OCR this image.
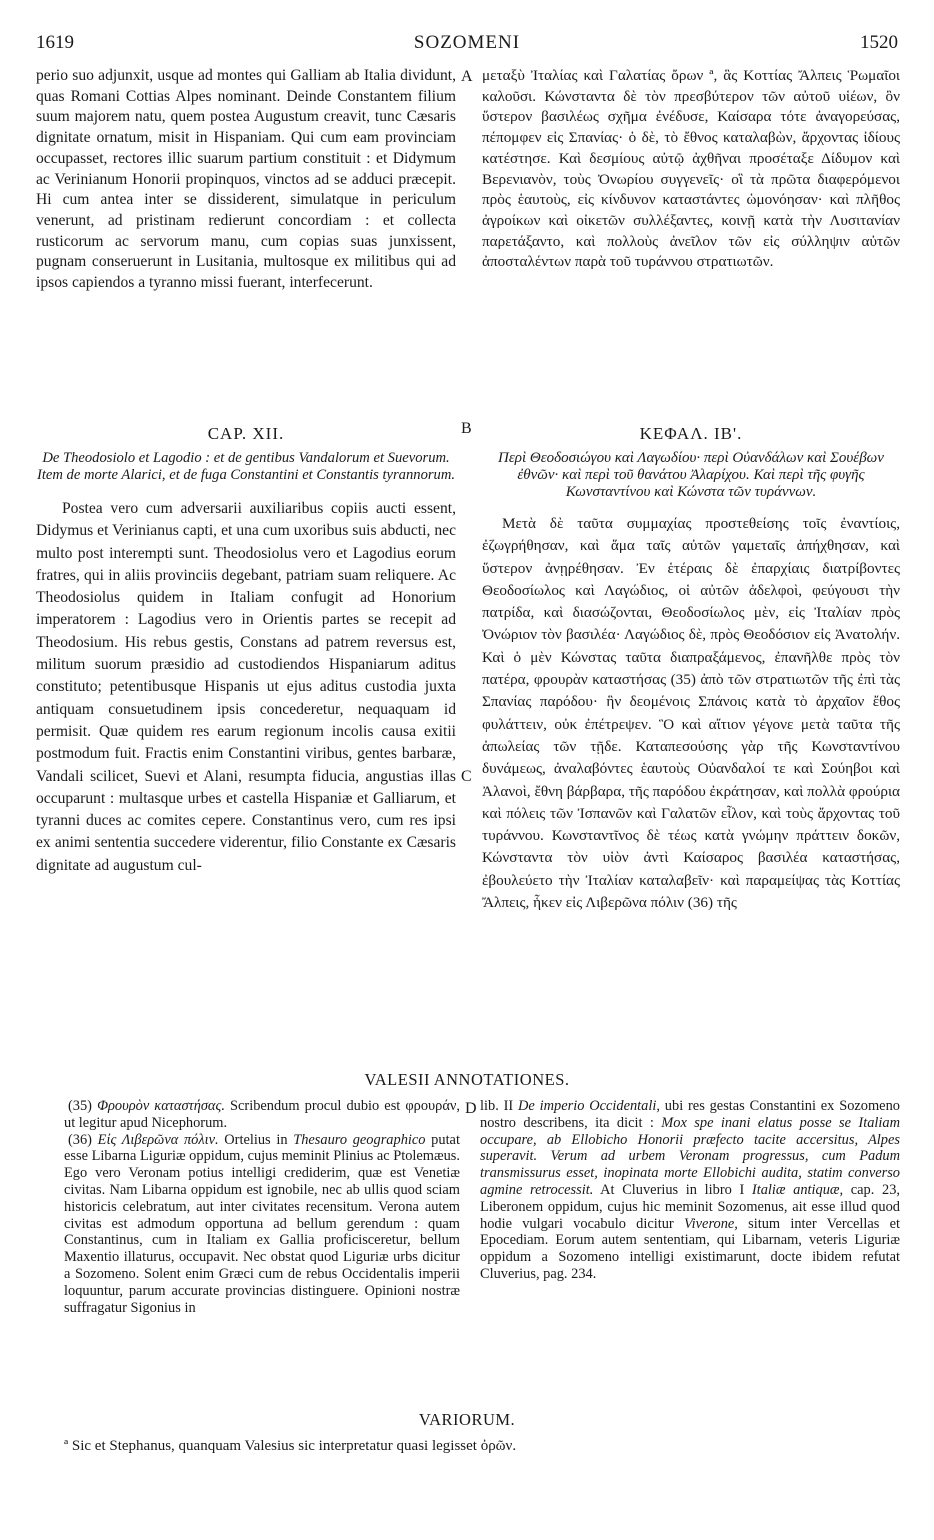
1619	SOZOMENI	1520

perio suo adjunxit, usque ad montes qui Galliam ab Italia dividunt, quas Romani Cottias Alpes nominant. Deinde Constantem filium suum majorem natu, quem postea Augustum creavit, tunc Cæsaris dignitate ornatum, misit in Hispaniam. Qui cum eam provinciam occupasset, rectores illic suarum partium constituit : et Didymum ac Verinianum Honorii propinquos, vinctos ad se adduci præcepit. Hi cum antea inter se dissiderent, simulatque in periculum venerunt, ad pristinam redierunt concordiam : et collecta rusticorum ac servorum manu, cum copias suas junxissent, pugnam conseruerunt in Lusitania, multosque ex militibus qui ad ipsos capiendos a tyranno missi fuerant, interfecerunt.

μεταξὺ Ἰταλίας καὶ Γαλατίας ὄρων ª, ἃς Κοττίας Ἄλπεις Ῥωμαῖοι καλοῦσι. Κώνσταντα δὲ τὸν πρεσβύτερον τῶν αὐτοῦ υἱέων, ὃν ὕστερον βασιλέως σχῆμα ἐνέδυσε, Καίσαρα τότε ἀναγορεύσας, πέπομφεν εἰς Σπανίας· ὁ δὲ, τὸ ἔθνος καταλαβὼν, ἄρχοντας ἰδίους κατέστησε. Καὶ δεσμίους αὐτῷ ἀχθῆναι προσέταξε Δίδυμον καὶ Βερενιανὸν, τοὺς Ὀνωρίου συγγενεῖς· οἳ τὰ πρῶτα διαφερόμενοι πρὸς ἑαυτοὺς, εἰς κίνδυνον καταστάντες ὡμονόησαν· καὶ πλῆθος ἀγροίκων καὶ οἰκετῶν συλλέξαντες, κοινῇ κατὰ τὴν Λυσιτανίαν παρετάξαντο, καὶ πολλοὺς ἀνεῖλον τῶν εἰς σύλληψιν αὐτῶν ἀποσταλέντων παρὰ τοῦ τυράννου στρατιωτῶν.

A
B
C
D
CAP. XII.
De Theodosiolo et Lagodio : et de gentibus Vandalorum et Suevorum. Item de morte Alarici, et de fuga Constantini et Constantis tyrannorum.

Postea vero cum adversarii auxiliaribus copiis aucti essent, Didymus et Verinianus capti, et una cum uxoribus suis abducti, nec multo post interempti sunt. Theodosiolus vero et Lagodius eorum fratres, qui in aliis provinciis degebant, patriam suam reliquere. Ac Theodosiolus quidem in Italiam confugit ad Honorium imperatorem : Lagodius vero in Orientis partes se recepit ad Theodosium. His rebus gestis, Constans ad patrem reversus est, militum suorum præsidio ad custodiendos Hispaniarum aditus constituto; petentibusque Hispanis ut ejus aditus custodia juxta antiquam consuetudinem ipsis concederetur, nequaquam id permisit. Quæ quidem res earum regionum incolis causa exitii postmodum fuit. Fractis enim Constantini viribus, gentes barbaræ, Vandali scilicet, Suevi et Alani, resumpta fiducia, angustias illas occuparunt : multasque urbes et castella Hispaniæ et Galliarum, et tyranni duces ac comites cepere. Constantinus vero, cum res ipsi ex animi sententia succedere viderentur, filio Constante ex Cæsaris dignitate ad augustum cul-

ΚΕΦΑΛ. ΙΒ'.
Περὶ Θεοδοσιώγου καὶ Λαγωδίου· περὶ Οὐανδάλων καὶ Σουέβων ἐθνῶν· καὶ περὶ τοῦ θανάτου Ἀλαρίχου. Καὶ περὶ τῆς φυγῆς Κωνσταντίνου καὶ Κώνστα τῶν τυράννων.

Μετὰ δὲ ταῦτα συμμαχίας προστεθείσης τοῖς ἐναντίοις, ἐζωγρήθησαν, καὶ ἅμα ταῖς αὐτῶν γαμεταῖς ἀπήχθησαν, καὶ ὕστερον ἀνῃρέθησαν. Ἐν ἑτέραις δὲ ἐπαρχίαις διατρίβοντες Θεοδοσίωλος καὶ Λαγώδιος, οἱ αὐτῶν ἀδελφοὶ, φεύγουσι τὴν πατρίδα, καὶ διασώζονται, Θεοδοσίωλος μὲν, εἰς Ἰταλίαν πρὸς Ὀνώριον τὸν βασιλέα· Λαγώδιος δὲ, πρὸς Θεοδόσιον εἰς Ἀνατολήν. Καὶ ὁ μὲν Κώνστας ταῦτα διαπραξάμενος, ἐπανῆλθε πρὸς τὸν πατέρα, φρουρὰν καταστήσας (35) ἀπὸ τῶν στρατιωτῶν τῆς ἐπὶ τὰς Σπανίας παρόδου· ἣν δεομένοις Σπάνοις κατὰ τὸ ἀρχαῖον ἔθος φυλάττειν, οὐκ ἐπέτρεψεν. Ὃ καὶ αἴτιον γέγονε μετὰ ταῦτα τῆς ἀπωλείας τῶν τῇδε. Καταπεσούσης γὰρ τῆς Κωνσταντίνου δυνάμεως, ἀναλαβόντες ἑαυτοὺς Οὐανδαλοί τε καὶ Σούηβοι καὶ Ἀλανοὶ, ἔθνη βάρβαρα, τῆς παρόδου ἐκράτησαν, καὶ πολλὰ φρούρια καὶ πόλεις τῶν Ἰσπανῶν καὶ Γαλατῶν εἷλον, καὶ τοὺς ἄρχοντας τοῦ τυράννου. Κωνσταντῖνος δὲ τέως κατὰ γνώμην πράττειν δοκῶν, Κώνσταντα τὸν υἱὸν ἀντὶ Καίσαρος βασιλέα καταστήσας, ἐβουλεύετο τὴν Ἰταλίαν καταλαβεῖν· καὶ παραμείψας τὰς Κοττίας Ἄλπεις, ἧκεν εἰς Λιβερῶνα πόλιν (36) τῆς

VALESII ANNOTATIONES.

(35) Φρουρὸν καταστήσας. Scribendum procul dubio est φρουράν, ut legitur apud Nicephorum.

(36) Εἰς Λιβερῶνα πόλιν. Ortelius in Thesauro geographico putat esse Libarna Liguriæ oppidum, cujus meminit Plinius ac Ptolemæus. Ego vero Veronam potius intelligi crediderim, quæ est Venetiæ civitas. Nam Libarna oppidum est ignobile, nec ab ullis quod sciam historicis celebratum, aut inter civitates recensitum. Verona autem civitas est admodum opportuna ad bellum gerendum : quam Constantinus, cum in Italiam ex Gallia proficisceretur, bellum Maxentio illaturus, occupavit. Nec obstat quod Liguriæ urbs dicitur a Sozomeno. Solent enim Græci cum de rebus Occidentalis imperii loquuntur, parum accurate provincias distinguere. Opinioni nostræ suffragatur Sigonius in

lib. II De imperio Occidentali, ubi res gestas Constantini ex Sozomeno nostro describens, ita dicit : Mox spe inani elatus posse se Italiam occupare, ab Ellobicho Honorii præfecto tacite accersitus, Alpes superavit. Verum ad urbem Veronam progressus, cum Padum transmissurus esset, inopinata morte Ellobichi audita, statim converso agmine retrocessit. At Cluverius in libro I Italiæ antiquæ, cap. 23, Liberonem oppidum, cujus hic meminit Sozomenus, ait esse illud quod hodie vulgari vocabulo dicitur Viverone, situm inter Vercellas et Epocediam. Eorum autem sententiam, qui Libarnam, veteris Liguriæ oppidum a Sozomeno intelligi existimarunt, docte ibidem refutat Cluverius, pag. 234.

VARIORUM.
ª Sic et Stephanus, quanquam Valesius sic interpretatur quasi legisset ὀρῶν.
